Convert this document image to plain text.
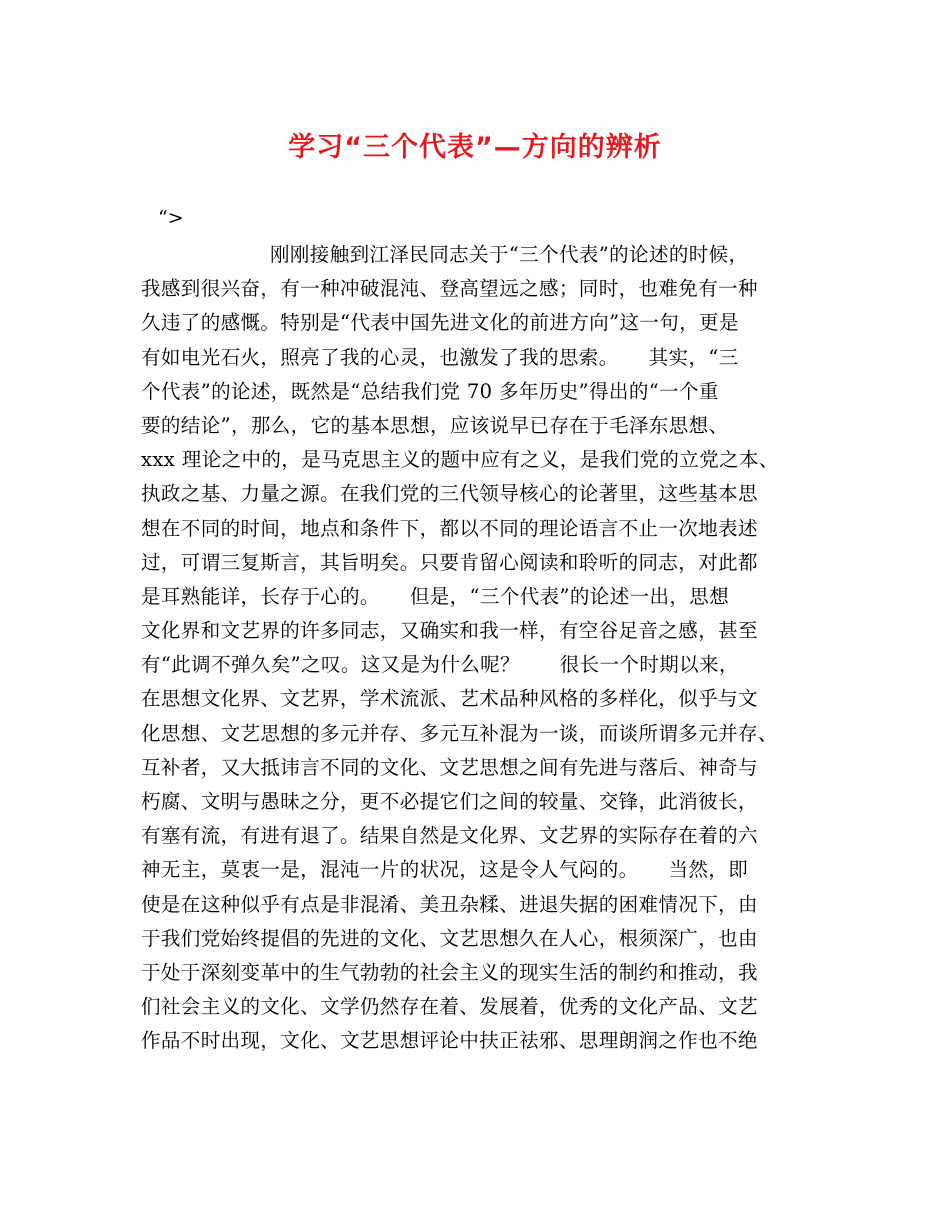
学习“三个代表”—方向的辨析
“>
刚刚接触到江泽民同志关于“三个代表”的论述的时候，
我感到很兴奋，有一种冲破混沌、登高望远之感；同时，也难免有一种
久违了的感慨。特别是“代表中国先进文化的前进方向”这一句，更是
有如电光石火，照亮了我的心灵，也激发了我的思索。　　其实，“三
个代表”的论述，既然是“总结我们党 70 多年历史”得出的“一个重
要的结论”，那么，它的基本思想，应该说早已存在于毛泽东思想、
xxx 理论之中的，是马克思主义的题中应有之义，是我们党的立党之本、
执政之基、力量之源。在我们党的三代领导核心的论著里，这些基本思
想在不同的时间，地点和条件下，都以不同的理论语言不止一次地表述
过，可谓三复斯言，其旨明矣。只要肯留心阅读和聆听的同志，对此都
是耳熟能详，长存于心的。　　但是，“三个代表”的论述一出，思想
文化界和文艺界的许多同志，又确实和我一样，有空谷足音之感，甚至
有“此调不弹久矣”之叹。这又是为什么呢？　　很长一个时期以来，
在思想文化界、文艺界，学术流派、艺术品种风格的多样化，似乎与文
化思想、文艺思想的多元并存、多元互补混为一谈，而谈所谓多元并存、
互补者，又大抵讳言不同的文化、文艺思想之间有先进与落后、神奇与
朽腐、文明与愚昧之分，更不必提它们之间的较量、交锋，此消彼长，
有塞有流，有进有退了。结果自然是文化界、文艺界的实际存在着的六
神无主，莫衷一是，混沌一片的状况，这是令人气闷的。　　当然，即
使是在这种似乎有点是非混淆、美丑杂糅、进退失据的困难情况下，由
于我们党始终提倡的先进的文化、文艺思想久在人心，根须深广，也由
于处于深刻变革中的生气勃勃的社会主义的现实生活的制约和推动，我
们社会主义的文化、文学仍然存在着、发展着，优秀的文化产品、文艺
作品不时出现，文化、文艺思想评论中扶正祛邪、思理朗润之作也不绝
